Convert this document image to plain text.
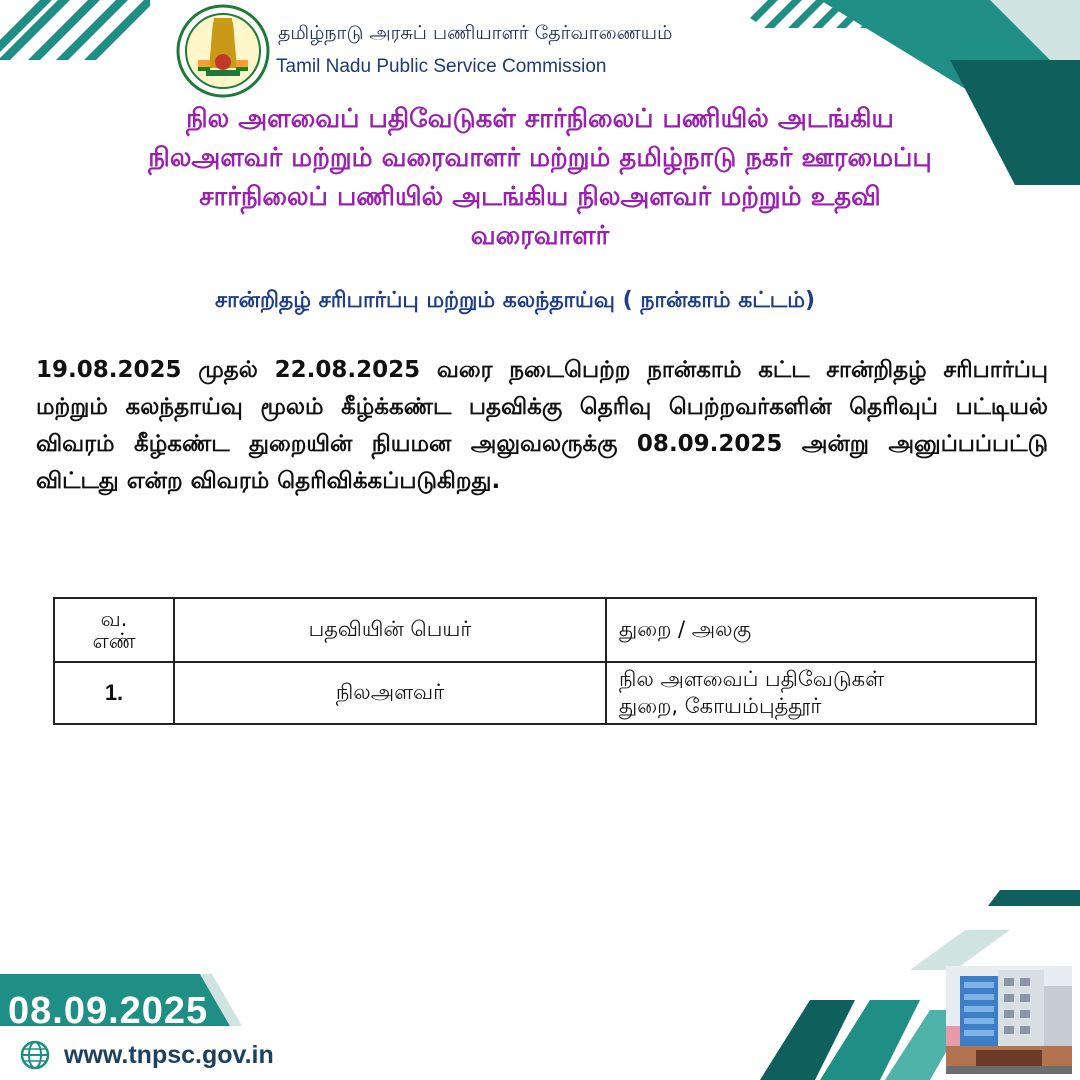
தமிழ்நாடு அரசுப் பணியாளர் தேர்வாணையம்
Tamil Nadu Public Service Commission
நில அளவைப் பதிவேடுகள் சார்நிலைப் பணியில் அடங்கிய
நிலஅளவர் மற்றும் வரைவாளர் மற்றும் தமிழ்நாடு நகர் ஊரமைப்பு
சார்நிலைப் பணியில் அடங்கிய நிலஅளவர் மற்றும் உதவி
வரைவாளர்
சான்றிதழ் சரிபார்ப்பு மற்றும் கலந்தாய்வு ( நான்காம் கட்டம்)
19.08.2025 முதல் 22.08.2025 வரை நடைபெற்ற நான்காம் கட்ட சான்றிதழ் சரிபார்ப்பு மற்றும் கலந்தாய்வு மூலம் கீழ்க்கண்ட பதவிக்கு தெரிவு பெற்றவர்களின் தெரிவுப் பட்டியல் விவரம் கீழ்கண்ட துறையின் நியமன அலுவலருக்கு 08.09.2025 அன்று அனுப்பப்பட்டு விட்டது என்ற விவரம் தெரிவிக்கப்படுகிறது.
வ.
எண்	பதவியின் பெயர்	துறை / அலகு
1.	நிலஅளவர்	நில அளவைப் பதிவேடுகள்
துறை, கோயம்புத்தூர்
08.09.2025
www.tnpsc.gov.in
